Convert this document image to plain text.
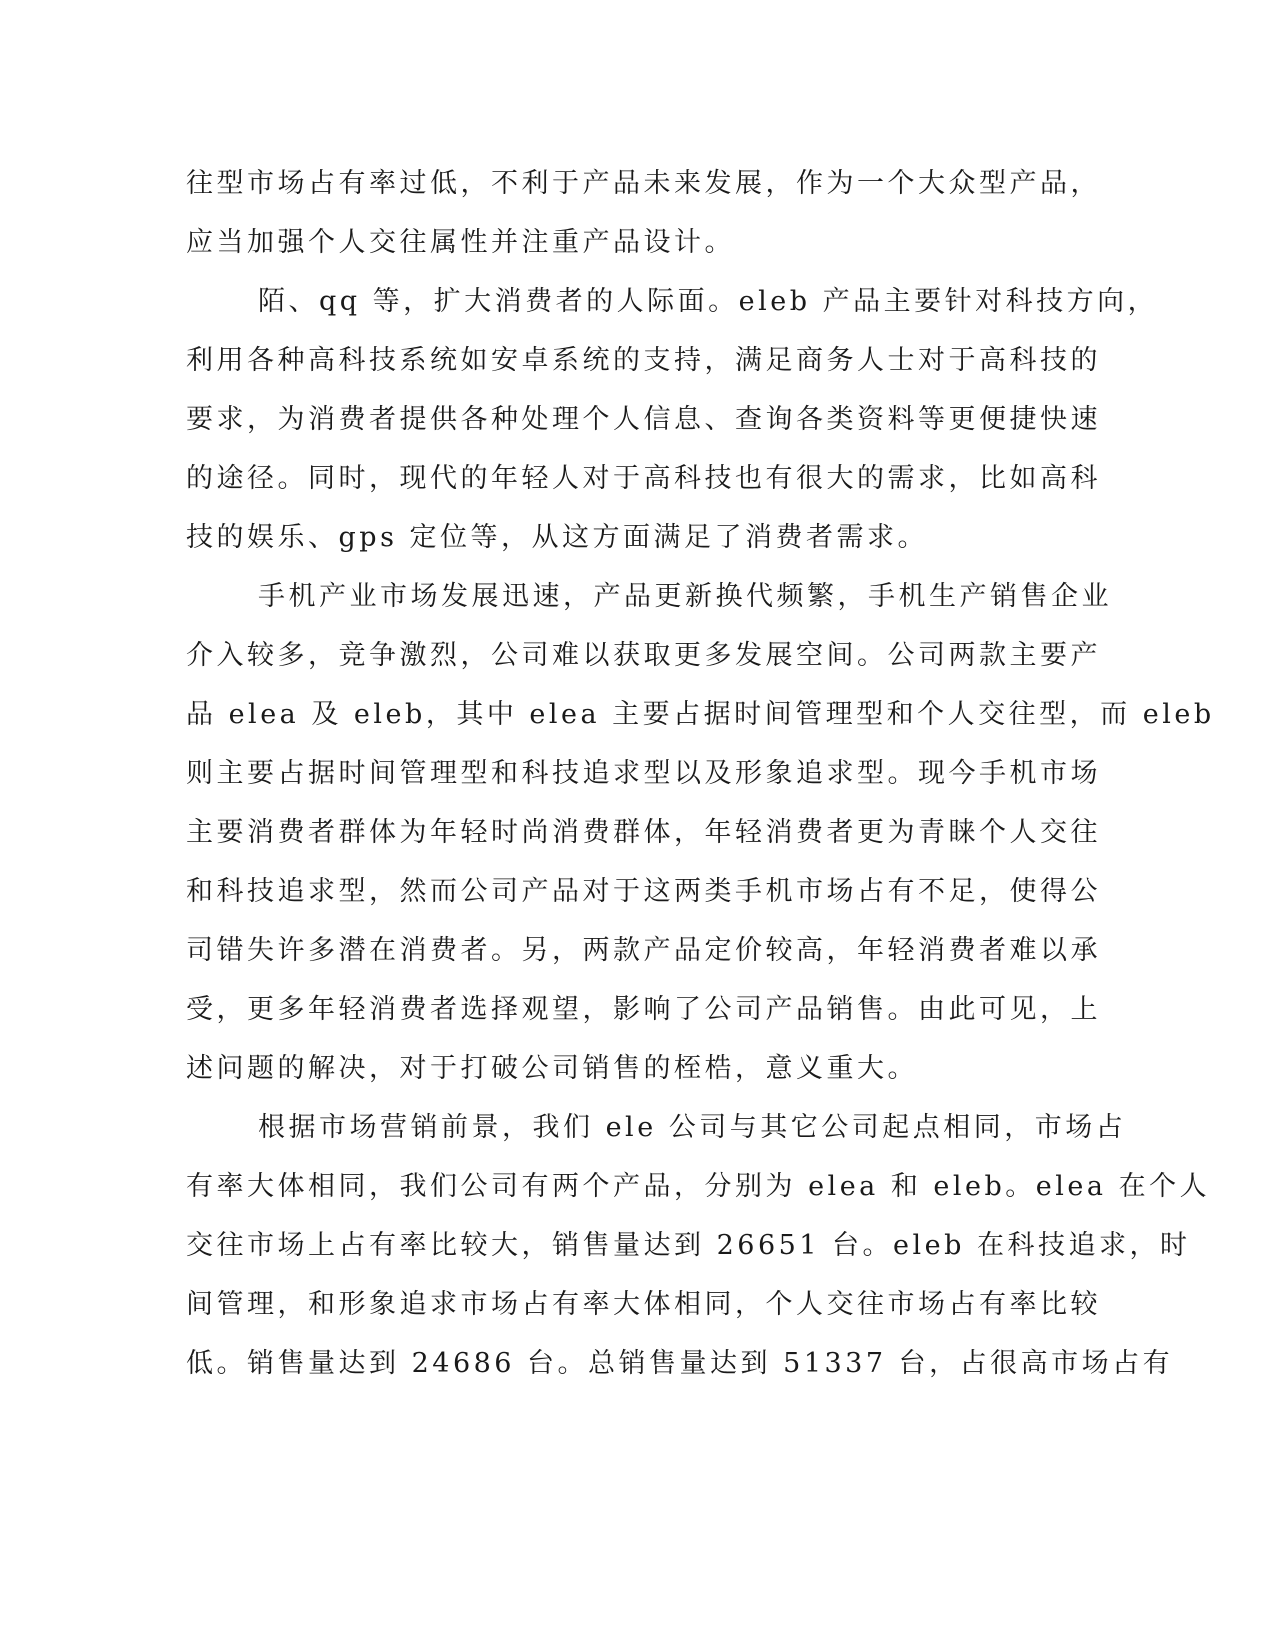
往型市场占有率过低，不利于产品未来发展，作为一个大众型产品，
应当加强个人交往属性并注重产品设计。
陌、qq 等，扩大消费者的人际面。eleb 产品主要针对科技方向，
利用各种高科技系统如安卓系统的支持，满足商务人士对于高科技的
要求，为消费者提供各种处理个人信息、查询各类资料等更便捷快速
的途径。同时，现代的年轻人对于高科技也有很大的需求，比如高科
技的娱乐、gps 定位等，从这方面满足了消费者需求。
手机产业市场发展迅速，产品更新换代频繁，手机生产销售企业
介入较多，竞争激烈，公司难以获取更多发展空间。公司两款主要产
品 elea 及 eleb，其中 elea 主要占据时间管理型和个人交往型，而 eleb
则主要占据时间管理型和科技追求型以及形象追求型。现今手机市场
主要消费者群体为年轻时尚消费群体，年轻消费者更为青睐个人交往
和科技追求型，然而公司产品对于这两类手机市场占有不足，使得公
司错失许多潜在消费者。另，两款产品定价较高，年轻消费者难以承
受，更多年轻消费者选择观望，影响了公司产品销售。由此可见，上
述问题的解决，对于打破公司销售的桎梏，意义重大。
根据市场营销前景，我们 ele 公司与其它公司起点相同，市场占
有率大体相同，我们公司有两个产品，分别为 elea 和 eleb。elea 在个人
交往市场上占有率比较大，销售量达到 26651 台。eleb 在科技追求，时
间管理，和形象追求市场占有率大体相同，个人交往市场占有率比较
低。销售量达到 24686 台。总销售量达到 51337 台，占很高市场占有
